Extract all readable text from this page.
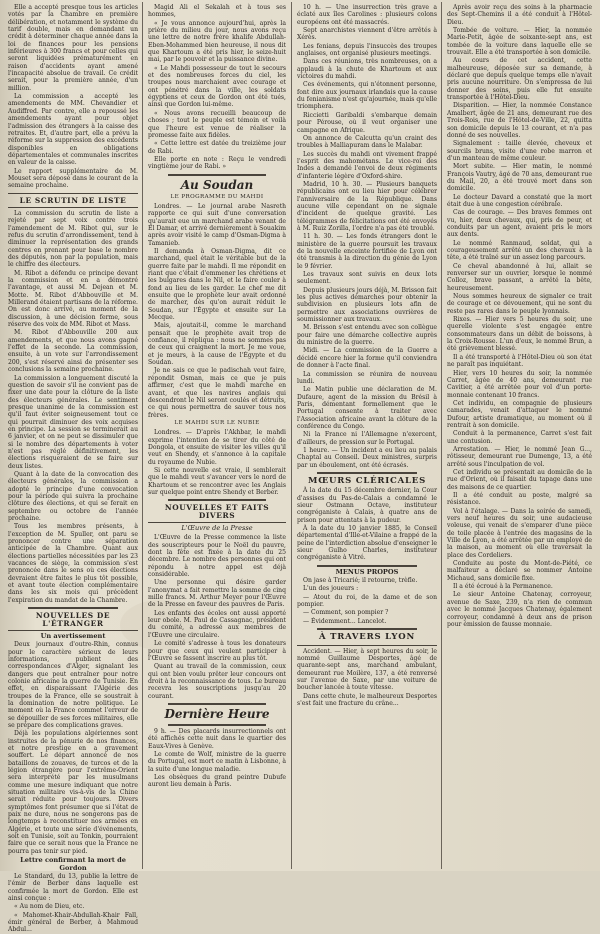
Elle a accepté presque tous les articles votés par la Chambre en première délibération, et notamment le système du tarif double, mais en demandant un crédit à déterminer chaque année dans la loi de finances pour les pensions inférieures à 300 francs et pour celles qui seront liquidées prématurément en raison d'accidents ayant amené l'incapacité absolue de travail. Ce crédit serait, pour la première année, d'un million.

La commission a accepté les amendements de MM. Chevandier et Audiffred. Par contre, elle a repoussé les amendements ayant pour objet l'admission des étrangers à la caisse des retraites. Et, d'autre part, elle a prévu la réforme sur la suppression des excédents disponibles en obligations départementales et communales inscrites en valeur de la caisse.

Le rapport supplémentaire de M. Mouset sera déposé dans le courant de la semaine prochaine.

LE SCRUTIN DE LISTE

La commission du scrutin de liste a rejeté par sept voix contre trois l'amendement de M. Ribot qui, sur le refus du scrutin d'arrondissement, tend à diminuer la représentation des grands centres en prenant pour base le nombre des députés, non par la population, mais le chiffre des électeurs.

M. Ribot a défendu ce principe devant la commission et en a démontré l'avantage, et aussi M. Dejean et M. Motte. M. Ribot d'Abbouville et M. Millerand étaient partisans de la réforme. On est donc arrivé, au moment de la discussion, à une décision ferme, sous réserve des voix de MM. Ribot et Mass.

M. Ribot d'Abbouville 200 aux amendements, et que nous avons gagné l'effet de la seconde. La commission, ensuite, à un vote sur l'arrondissement 200, s'est réservé ainsi de présenter ses conclusions la semaine prochaine.

La commission a longuement discuté la question de savoir s'il ne convient pas de fixer une date pour la clôture de la liste des électeurs générales. Le sentiment presque unanime de la commission est qu'il faut éviter soigneusement tout ce qui pourrait diminuer des voix acquises en principe. La session se terminerait au 6 janvier, et on ne peut se dissimuler que si le nombre des départements à voter n'est pas réglé définitivement, les élections risqueraient de se faire sur deux listes.

Quant à la date de la convocation des électeurs générales, la commission a adopté le principe d'une convocation pour la période qui suivra la prochaine clôture des élections, et qui se ferait en septembre ou octobre de l'année prochaine.

Tous les membres présents, à l'exception de M. Spuller, ont paru se prononcer contre une séparation anticipée de la Chambre. Quant aux élections partielles nécessitées par les 23 vacances de siège, la commission s'est prononcée dans le sens où ces élections devraient être faites le plus tôt possible, et avant toute élection complémentaire dans les six mois qui précèdent l'expiration du mandat de la Chambre.

NOUVELLES DE L'ÉTRANGER
Un avertissement

Deux journaux d'outre-Rhin, connus pour le caractère sérieux de leurs informations, publient des correspondances d'Alger, signalant les dangers que peut entraîner pour notre colonie africaine la guerre de Tunisie. En effet, en disparaissant l'Algérie des troupes de la France, elle se soustrait à la domination de notre politique. Le moment où la France commet l'erreur de se dépouiller de ses forces militaires, elle se prépare des complications graves.

Déjà les populations algériennes sont instruites de la pénurie de nos finances, et notre prestige en a gravement souffert. Le départ annoncé de nos bataillons de zouaves, de turcos et de la légion étrangère pour l'extrême-Orient sera interprété par les musulmans comme une mesure indiquant que notre situation militaire vis-à-vis de la Chine serait réduite pour toujours. Divers symptômes font présumer que si l'état de paix ne dure, nous ne songerons pas de longtemps à reconstituer nos armées en Algérie, et toute une série d'événements, soit en Tunisie, soit au Tonkin, pourraient faire que ce serait nous que la France ne pourra pas tenir sur pied.

Lettre confirmant la mort de Gordon

Le Standard, du 13, publie la lettre de l'émir de Berber dans laquelle est confirmée la mort de Gordon. Elle est ainsi conçue :

« Au nom de Dieu, etc.

« Mahomet-Khair-Abdullah-Khair Fall, émir général de Berber, à Mahmoud Abdul...

Magid Ali el Sekalah et à tous ses hommes,

« Je vous annonce aujourd'hui, après la prière du milieu du jour, nous avons reçu une lettre de notre frère khalife Abdullah-Eben-Mohammed bien heureuse, il nous dit que Khartoum a été pris hier, le seize-huit mai, par le pouvoir et la puissance divine.

« Le Mahdi possesseur de tout le secours et des nombreuses forces du ciel, les troupes nous marchaient avec courage et ont pénétré dans la ville, les soldats égyptiens et ceux de Gordon ont été tués, ainsi que Gordon lui-même.

« Nous avons recueilli beaucoup de choses ; tout le peuple est témoin et voilà que l'heure est venue de réaliser la promesse faite aux fidèles.

« Cette lettre est datée du treizième jour de Rabi.

Elle porte en note : Reçu le vendredi vingtième jour de Rabi. »

Au Soudan
LE PROGRAMME DU MAHDI

Londres. — Le journal arabe Nasreth rapporte ce qui suit d'une conversation qu'aurait eue un marchand arabe venant de El Damar, et arrivé dernièrement à Souakim après avoir visité le camp d'Osman-Digma à Tamanieb.

Il demanda à Osman-Digma, dit ce marchand, quel était le véritable but de la guerre faite par le mahdi. Il me répondit en riant que c'était d'emmener les chrétiens et les bulgares dans le Nil, et le faire couler à fond au lieu de les garder. Le chef me dit ensuite que le prophète leur avait ordonné de marcher, dès qu'on aurait réduit le Soudan, sur l'Égypte et ensuite sur La Mecque.

Mais, ajoutait-il, comme le marchand pensait que le prophète avait trop de confiance, il répliqua : nous ne sommes pas de ceux qui craignent la mort. Je me voue, et je meurs, à la cause de l'Égypte et du Soudan.

Je ne sais ce que le padischah veut faire, répondit Osman, mais ce que je puis affirmer, c'est que le mahdi marche en avant, et que les navires anglais qui descendront le Nil seront coulés et détruits, ce qui nous permettra de sauver tous nos frères.

LE MAHDI SUR LE NUBIE

Londres. — D'après l'Akhbar, le mahdi exprime l'intention de se tirer du côté de Dongola, et ensuite de visiter les villes qu'il veut en Shendy, et s'annonce à la capitale du royaume de Nubie.

Si cette nouvelle est vraie, il semblerait que le mahdi veut s'avancer vers le nord de Khartoum et se rencontrer avec les Anglais sur quelque point entre Shendy et Berber.

NOUVELLES ET FAITS DIVERS
L'Œuvre de la Presse

L'Œuvre de la Presse commence la liste des souscripteurs pour le Noël du pauvre, dont la fête est fixée à la date du 25 décembre. Le nombre des personnes qui ont répondu à notre appel est déjà considérable.

Une personne qui désire garder l'anonymat a fait remettre la somme de cinq mille francs. M. Arthur Meyer pour l'Œuvre de la Presse en faveur des pauvres de Paris.

Les enfants des écoles ont aussi apporté leur obole. M. Paul de Cassagnac, président du comité, a adressé aux membres de l'Œuvre une circulaire.

Le comité s'adresse à tous les donateurs pour que ceux qui veulent participer à l'Œuvre se fassent inscrire au plus tôt.

Quant au travail de la commission, ceux qui ont bien voulu prêter leur concours ont droit à la reconnaissance de tous. Le bureau recevra les souscriptions jusqu'au 20 courant.

Dernière Heure

9 h. — Des placards insurrectionnels ont été affichés cette nuit dans le quartier des Eaux-Vives à Genève.

Le comte de Wolf, ministre de la guerre du Portugal, est mort ce matin à Lisbonne, à la suite d'une longue maladie.

Les obsèques du grand peintre Dubufe auront lieu demain à Paris.

10 h. — Une insurrection très grave a éclaté aux îles Carolines : plusieurs colons européens ont été massacrés.

Sept anarchistes viennent d'être arrêtés à Xérès.

Les fenians, depuis l'insuccès des troupes anglaises, ont organisé plusieurs meetings.

Dans ces réunions, très nombreuses, on a applaudi à la chute de Khartoum et aux victoires du mahdi.

Ces événements, qui n'étonnent personne, font dire aux journaux irlandais que la cause du fenianisme n'est qu'ajournée, mais qu'elle triomphera.

Riccietti Garibaldi s'embarque demain pour Pérouse, où il veut organiser une campagne en Afrique.

On annonce de Calcutta qu'un craint des troubles à Malliapuram dans le Malabar.

Les succès du mahdi ont vivement frappé l'esprit des mahométans. Le vice-roi des Indes a demandé l'envoi de deux régiments d'infanterie légère d'Oxford-shire.

Madrid, 10 h. 30. — Plusieurs banquets républicains ont eu lieu hier pour célébrer l'anniversaire de la République. Dans aucune ville cependant on ne signale d'incident de quelque gravité. Les télégrammes de félicitations ont été envoyés à M. Ruiz Zorilla, l'ordre n'a pas été troublé.

11 h. 30. — Les fonds étrangers dont le ministère de la guerre poursuit les travaux de la nouvelle enceinte fortifiée de Lyon ont été transmis à la direction du génie de Lyon le 9 février.

Les travaux sont suivis en deux lots seulement.

Depuis plusieurs jours déjà, M. Brisson fait les plus actives démarches pour obtenir la subdivision en plusieurs lots afin de permettre aux associations ouvrières de soumissionner aux travaux.

M. Brisson s'est entendu avec son collègue pour faire une démarche collective auprès du ministre de la guerre.

Midi. — La commission de la Guerre a décidé encore hier la forme qu'il conviendra de donner à l'acte final.

La commission se réunira de nouveau lundi.

Le Matin publie une déclaration de M. Dufaure, agent de la mission du Brésil à Paris, démentant formellement que le Portugal consente à traiter avec l'Association africaine avant la clôture de la conférence du Congo.

Ni la France ni l'Allemagne n'exercent, d'ailleurs, de pression sur le Portugal.

1 heure. — Un incident a eu lieu au palais Chaptal au Conseil. Deux ministres, surpris par un éboulement, ont été écrasés.

MŒURS CLÉRICALES

À la date du 15 décembre dernier, la Cour d'assises du Pas-de-Calais a condamné le sieur Ostmann Octave, instituteur congréganiste à Calais, à quatre ans de prison pour attentats à la pudeur.

À la date du 10 janvier 1885, le Conseil départemental d'Ille-et-Vilaine a frappé de la peine de l'interdiction absolue d'enseigner le sieur Gulho Charles, instituteur congréganiste à Vitré.

MENUS PROPOS

On jase à Tricarié; il retourne, trèfle.

L'un des joueurs :

— Atout du roi, de la dame et de son pompier.

— Comment, son pompier ?

— Évidemment... Lancelot.

À TRAVERS LYON

Accident. — Hier, à sept heures du soir, le nommé Guillaume Desportes, âgé de quarante-sept ans, marchand ambulant, demeurant rue Moilère, 137, a été renversé sur l'avenue de Saxe, par une voiture de boucher lancée à toute vitesse.

Dans cette chute, le malheureux Desportes s'est fait une fracture du crâne...

Après avoir reçu des soins à la pharmacie des Sept-Chemins il a été conduit à l'Hôtel-Dieu.

Tombée de voiture. — Hier, la nommée Marie-Petit, âgée de soixante-sept ans, est tombée de la voiture dans laquelle elle se trouvait. Elle a été transportée à son domicile.

Au cours de cet accident, cette malheureuse, déposée sur sa demande, à déclaré que depuis quelque temps elle n'avait pris aucune nourriture. On s'empressa de lui donner des soins, puis elle fut ensuite transportée à l'Hôtel-Dieu.

Disparition. — Hier, la nommée Constance Amalbert, âgée de 21 ans, demeurant rue des Trois-Rois, rue de l'Hôtel-de-Ville, 22, quitta son domicile depuis le 13 courant, et n'a pas donné de ses nouvelles.

Signalement : taille élevée, cheveux et sourcils bruns, visite d'une robe marron et d'un manteau de même couleur.

Mort subite. — Hier matin, le nommé François Vautry, âgé de 70 ans, demeurant rue du Mail, 20, a été trouvé mort dans son domicile.

Le docteur Davard a constaté que la mort était due à une congestion cérébrale.

Cas de courage. — Des braves femmes ont vu, hier, deux chevaux, qui, pris de peur, et conduits par un agent, avaient pris le mors aux dents.

Le nommé Ranmaud, soldat, qui a courageusement arrêté un des chevaux à la tête, a été traîné sur un assez long parcours.

Ce cheval abandonné à lui, allait se renverser sur un ouvrier, lorsque le nommé Colloz, brave passant, a arrêté la bête, heureusement.

Nous sommes heureux de signaler ce trait de courage et ce dévouement, qui ne sont du reste pas rares dans le peuple lyonnais.

Rixes. — Hier vers 5 heures du soir, une querelle violente s'est engagée entre consommateurs dans un débit de boissons, à la Croix-Rousse. L'un d'eux, le nommé Brun, a été grièvement blessé.

Il a été transporté à l'Hôtel-Dieu où son état ne paraît pas inquiétant.

Hier, vers 10 heures du soir, la nommée Carret, âgée de 40 ans, demeurant rue Cavitier, a été arrêtée pour vol d'un porte-monnaie contenant 10 francs.

Cet individu, en compagnie de plusieurs camarades, venait d'attaquer le nommé Dufour, artiste dramatique, au moment où il rentrait à son domicile.

Conduit à la permanence, Carret s'est fait une contusion.

Arrestation. — Hier, le nommé Jean G..., rôtisseur, demeurant rue Dumenge, 13, a été arrêté sous l'inculpation de vol.

Cet individu se présentait au domicile de la rue d'Orient, où il faisait du tapage dans une des maisons de ce quartier.

Il a été conduit au poste, malgré sa résistance.

Vol à l'étalage. — Dans la soirée de samedi, vers neuf heures du soir, une audacieuse voleuse, qui venait de s'emparer d'une pièce de toile placée à l'entrée des magasins de la Ville de Lyon, a été arrêtée par un employé de la maison, au moment où elle traversait la place des Cordeliers.

Conduite au poste du Mont-de-Piété, ce malfaiteur a déclaré se nommer Antoine Michaud, sans domicile fixe.

Il a été écroué à la Permanence.

Le sieur Antoine Chatenay, corroyeur, avenue de Saxe, 239, n'a rien de commun avec le nommé Jacques Chatenay, également corroyeur, condamné à deux ans de prison pour émission de fausse monnaie.
